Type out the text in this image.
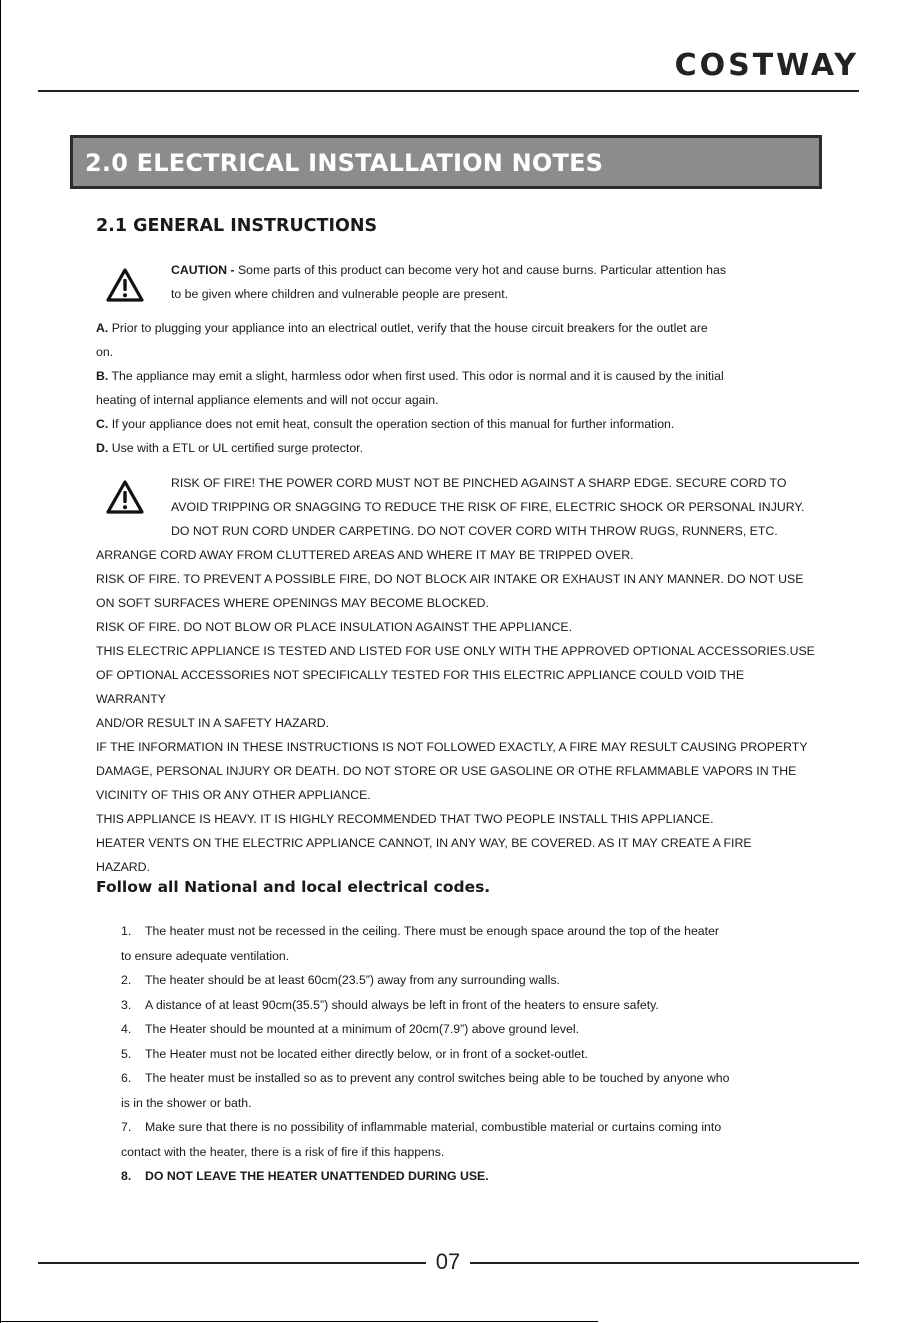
COSTWAY
2.0 ELECTRICAL INSTALLATION NOTES
2.1 GENERAL INSTRUCTIONS

CAUTION - Some parts of this product can become very hot and cause burns. Particular attention has

to be given where children and vulnerable people are present.

A. Prior to plugging your appliance into an electrical outlet, verify that the house circuit breakers for the outlet are

on.

B. The appliance may emit a slight, harmless odor when first used. This odor is normal and it is caused by the initial

heating of internal appliance elements and will not occur again.

C. If your appliance does not emit heat, consult the operation section of this manual for further information.

D. Use with a ETL or UL certified surge protector.

RISK OF FIRE! THE POWER CORD MUST NOT BE PINCHED AGAINST A SHARP EDGE. SECURE CORD TO

AVOID TRIPPING OR SNAGGING TO REDUCE THE RISK OF FIRE, ELECTRIC SHOCK OR PERSONAL INJURY.

DO NOT RUN CORD UNDER CARPETING. DO NOT COVER CORD WITH THROW RUGS, RUNNERS, ETC.

ARRANGE CORD AWAY FROM CLUTTERED AREAS AND WHERE IT MAY BE TRIPPED OVER.

RISK OF FIRE. TO PREVENT A POSSIBLE FIRE, DO NOT BLOCK AIR INTAKE OR EXHAUST IN ANY MANNER. DO NOT USE

ON SOFT SURFACES WHERE OPENINGS MAY BECOME BLOCKED.

RISK OF FIRE. DO NOT BLOW OR PLACE INSULATION AGAINST THE APPLIANCE.

THIS ELECTRIC APPLIANCE IS TESTED AND LISTED FOR USE ONLY WITH THE APPROVED OPTIONAL ACCESSORIES.USE

OF OPTIONAL ACCESSORIES NOT SPECIFICALLY TESTED FOR THIS ELECTRIC APPLIANCE COULD VOID THE WARRANTY

AND/OR RESULT IN A SAFETY HAZARD.

IF THE INFORMATION IN THESE INSTRUCTIONS IS NOT FOLLOWED EXACTLY, A FIRE MAY RESULT CAUSING PROPERTY

DAMAGE, PERSONAL INJURY OR DEATH. DO NOT STORE OR USE GASOLINE OR OTHE RFLAMMABLE VAPORS IN THE

VICINITY OF THIS OR ANY OTHER APPLIANCE.

THIS APPLIANCE IS HEAVY. IT IS HIGHLY RECOMMENDED THAT TWO PEOPLE INSTALL THIS APPLIANCE.

HEATER VENTS ON THE ELECTRIC APPLIANCE CANNOT, IN ANY WAY, BE COVERED. AS IT MAY CREATE A FIRE

HAZARD.

Follow all National and local electrical codes.
1. The heater must not be recessed in the ceiling. There must be enough space around the top of the heater
to ensure adequate ventilation.
2. The heater should be at least 60cm(23.5”) away from any surrounding walls.
3. A distance of at least 90cm(35.5”) should always be left in front of the heaters to ensure safety.
4. The Heater should be mounted at a minimum of 20cm(7.9”) above ground level.
5. The Heater must not be located either directly below, or in front of a socket-outlet.
6. The heater must be installed so as to prevent any control switches being able to be touched by anyone who
is in the shower or bath.
7. Make sure that there is no possibility of inflammable material, combustible material or curtains coming into
contact with the heater, there is a risk of fire if this happens.
8. DO NOT LEAVE THE HEATER UNATTENDED DURING USE.
07
